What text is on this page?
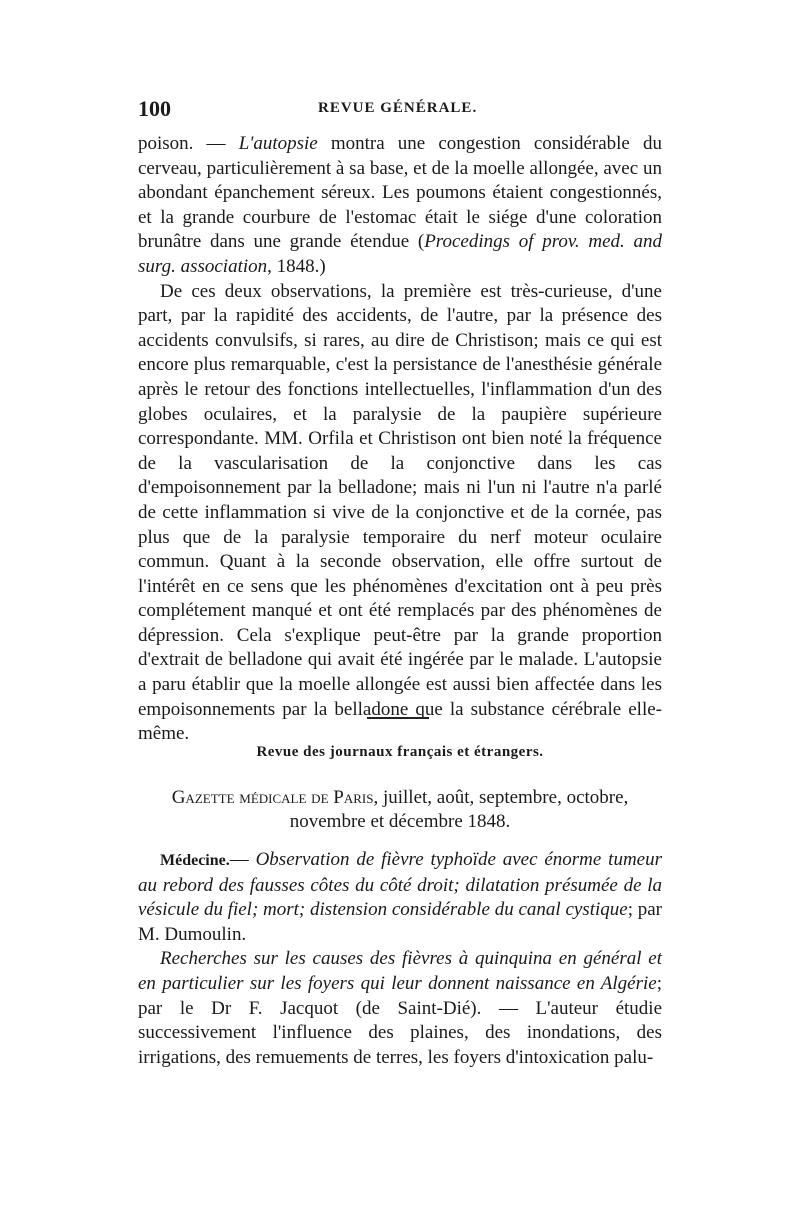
100	REVUE GÉNÉRALE.

poison. — L'autopsie montra une congestion considérable du cerveau, particulièrement à sa base, et de la moelle allongée, avec un abondant épanchement séreux. Les poumons étaient congestionnés, et la grande courbure de l'estomac était le siége d'une coloration brunâtre dans une grande étendue (Procedings of prov. med. and surg. association, 1848.)

De ces deux observations, la première est très-curieuse, d'une part, par la rapidité des accidents, de l'autre, par la présence des accidents convulsifs, si rares, au dire de Christison; mais ce qui est encore plus remarquable, c'est la persistance de l'anesthésie générale après le retour des fonctions intellectuelles, l'inflammation d'un des globes oculaires, et la paralysie de la paupière supérieure correspondante. MM. Orfila et Christison ont bien noté la fréquence de la vascularisation de la conjonctive dans les cas d'empoisonnement par la belladone; mais ni l'un ni l'autre n'a parlé de cette inflammation si vive de la conjonctive et de la cornée, pas plus que de la paralysie temporaire du nerf moteur oculaire commun. Quant à la seconde observation, elle offre surtout de l'intérêt en ce sens que les phénomènes d'excitation ont à peu près complétement manqué et ont été remplacés par des phénomènes de dépression. Cela s'explique peut-être par la grande proportion d'extrait de belladone qui avait été ingérée par le malade. L'autopsie a paru établir que la moelle allongée est aussi bien affectée dans les empoisonnements par la belladone que la substance cérébrale elle-même.

Revue des journaux français et étrangers.
Gazette médicale de Paris, juillet, août, septembre, octobre, novembre et décembre 1848.

Médecine.— Observation de fièvre typhoïde avec énorme tumeur au rebord des fausses côtes du côté droit; dilatation présumée de la vésicule du fiel; mort; distension considérable du canal cystique; par M. Dumoulin.

Recherches sur les causes des fièvres à quinquina en général et en particulier sur les foyers qui leur donnent naissance en Algérie; par le Dr F. Jacquot (de Saint-Dié). — L'auteur étudie successivement l'influence des plaines, des inondations, des irrigations, des remuements de terres, les foyers d'intoxication palu-
